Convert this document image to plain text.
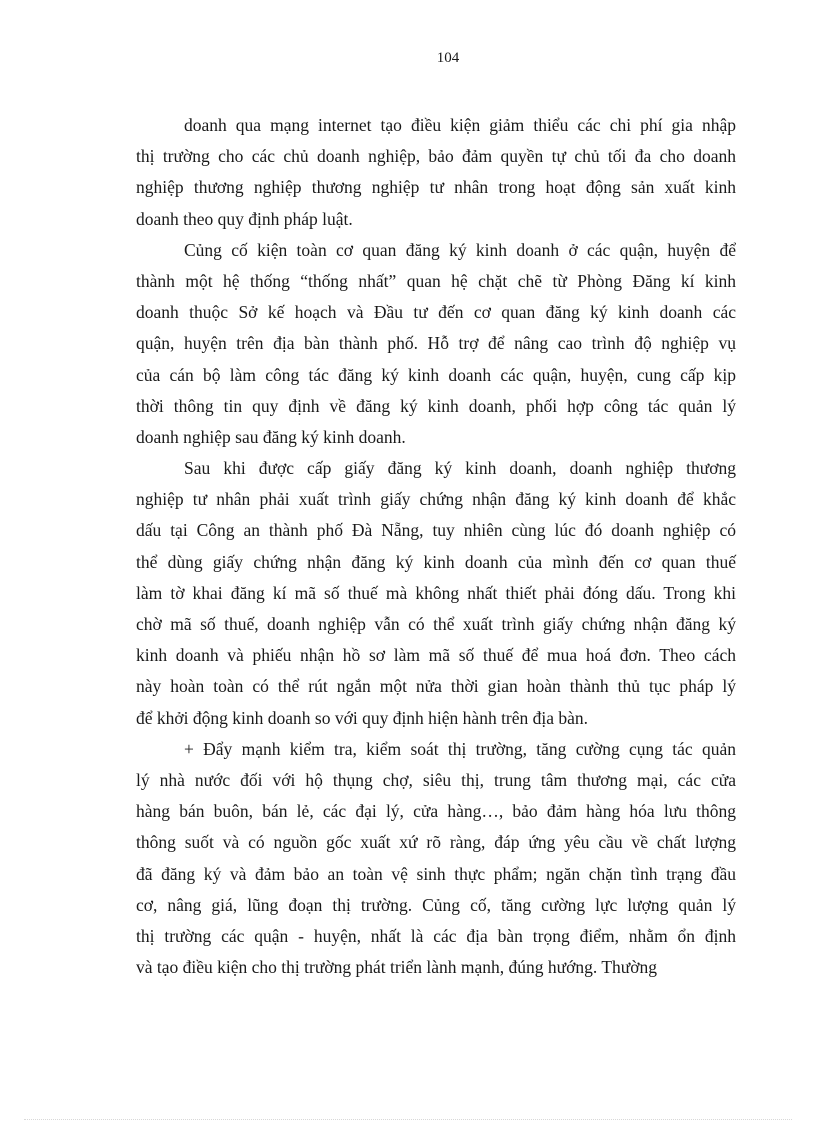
104
doanh qua mạng internet tạo điều kiện giảm thiểu các chi phí gia nhập
thị trường cho các chủ doanh nghiệp, bảo đảm quyền tự chủ tối đa cho doanh
nghiệp thương nghiệp thương nghiệp tư nhân trong hoạt động sản xuất kinh
doanh theo quy định pháp luật.
Củng cố kiện toàn cơ quan đăng ký kinh doanh ở các quận, huyện để
thành một hệ thống “thống nhất” quan hệ chặt chẽ từ Phòng Đăng kí kinh
doanh thuộc Sở kế hoạch và Đầu tư đến cơ quan đăng ký kinh doanh các
quận, huyện trên địa bàn thành phố. Hỗ trợ để nâng cao trình độ nghiệp vụ
của cán bộ làm công tác đăng ký kinh doanh các quận, huyện, cung cấp kịp
thời thông tin quy định về đăng ký kinh doanh, phối hợp công tác quản lý
doanh nghiệp sau đăng ký kinh doanh.
Sau khi được cấp giấy đăng ký kinh doanh, doanh nghiệp thương
nghiệp tư nhân phải xuất trình giấy chứng nhận đăng ký kinh doanh để khắc
dấu tại Công an thành phố Đà Nẵng, tuy nhiên cùng lúc đó doanh nghiệp có
thể dùng giấy chứng nhận đăng ký kinh doanh của mình đến cơ quan thuế
làm tờ khai đăng kí mã số thuế mà không nhất thiết phải đóng dấu. Trong khi
chờ mã số thuế, doanh nghiệp vẫn có thể xuất trình giấy chứng nhận đăng ký
kinh doanh và phiếu nhận hồ sơ làm mã số thuế để mua hoá đơn. Theo cách
này hoàn toàn có thể rút ngắn một nửa thời gian hoàn thành thủ tục pháp lý
để khởi động kinh doanh so với quy định hiện hành trên địa bàn.
+ Đẩy mạnh kiểm tra, kiểm soát thị trường, tăng cường cụng tác quản
lý nhà nước đối với hộ thụng chợ, siêu thị, trung tâm thương mại, các cửa
hàng bán buôn, bán lẻ, các đại lý, cửa hàng…, bảo đảm hàng hóa lưu thông
thông suốt và có nguồn gốc xuất xứ rõ ràng, đáp ứng yêu cầu về chất lượng
đã đăng ký và đảm bảo an toàn vệ sinh thực phẩm; ngăn chặn tình trạng đầu
cơ, nâng giá, lũng đoạn thị trường. Củng cố, tăng cường lực lượng quản lý
thị trường các quận - huyện, nhất là các địa bàn trọng điểm, nhằm ổn định
và tạo điều kiện cho thị trường phát triển lành mạnh, đúng hướng. Thường
